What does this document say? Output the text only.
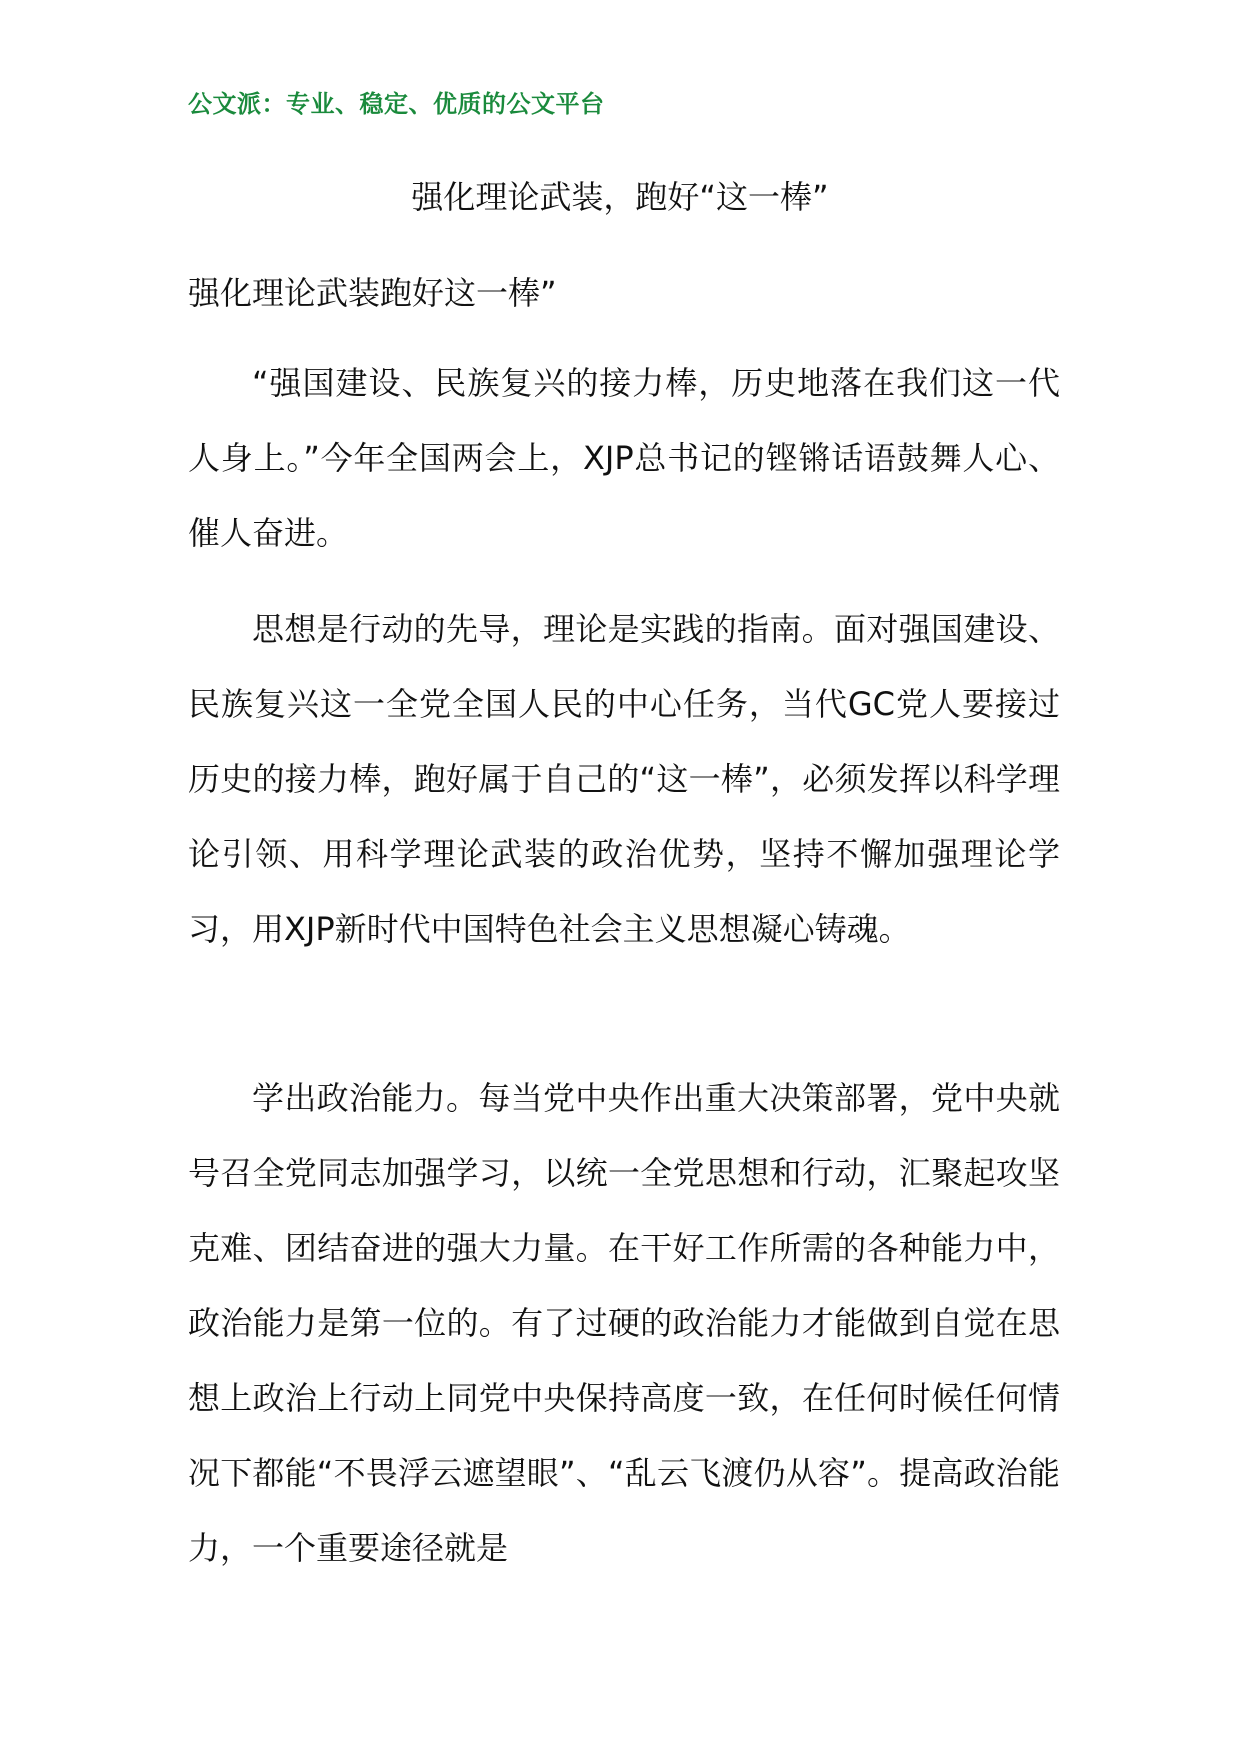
公文派：专业、稳定、优质的公文平台
强化理论武装，跑好“这一棒”
强化理论武装跑好这一棒”

“强国建设、民族复兴的接力棒，历史地落在我们这一代人身上。”今年全国两会上，XJP总书记的铿锵话语鼓舞人心、催人奋进。

思想是行动的先导，理论是实践的指南。面对强国建设、民族复兴这一全党全国人民的中心任务，当代GC党人要接过历史的接力棒，跑好属于自己的“这一棒”，必须发挥以科学理论引领、用科学理论武装的政治优势，坚持不懈加强理论学习，用XJP新时代中国特色社会主义思想凝心铸魂。

学出政治能力。每当党中央作出重大决策部署，党中央就号召全党同志加强学习，以统一全党思想和行动，汇聚起攻坚克难、团结奋进的强大力量。在干好工作所需的各种能力中，政治能力是第一位的。有了过硬的政治能力才能做到自觉在思想上政治上行动上同党中央保持高度一致，在任何时候任何情况下都能“不畏浮云遮望眼”、“乱云飞渡仍从容”。提高政治能力，一个重要途径就是
